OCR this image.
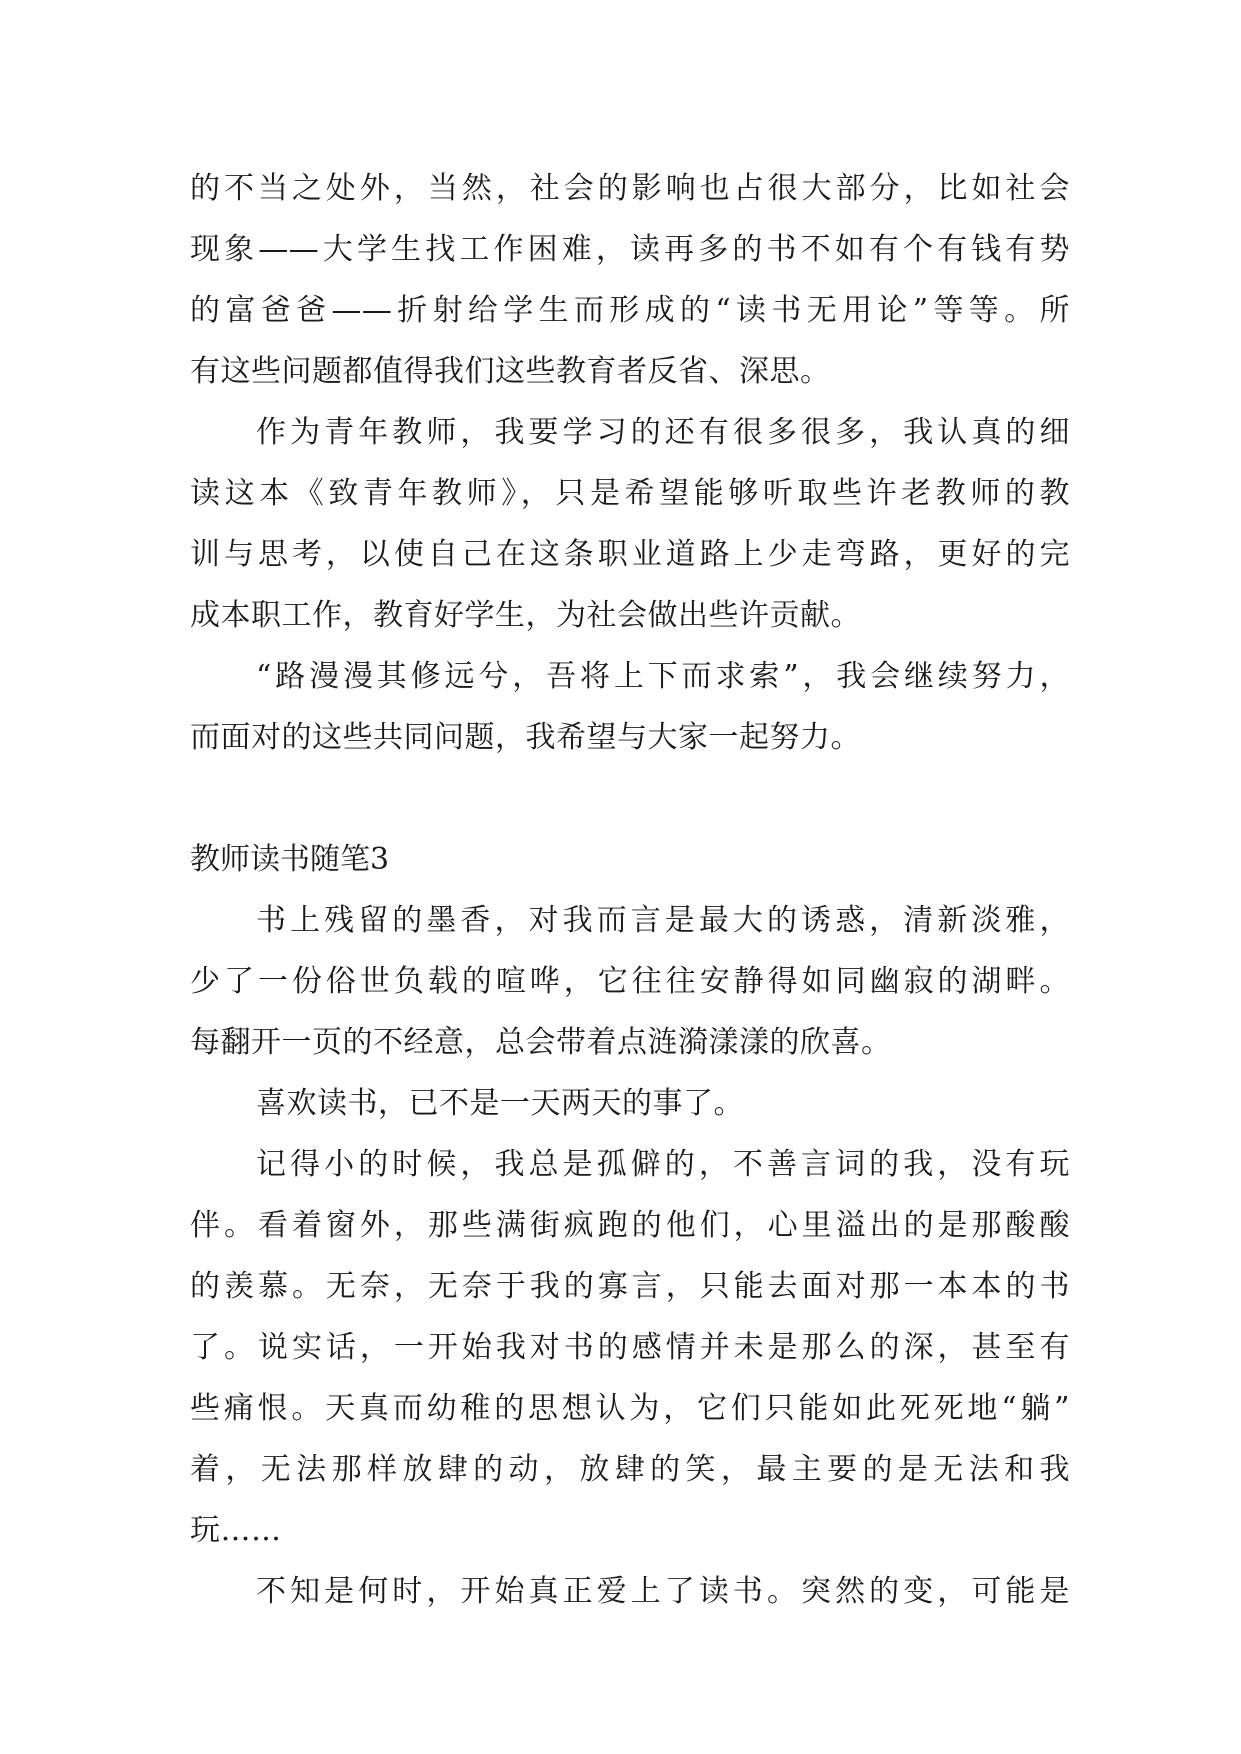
的不当之处外，当然，社会的影响也占很大部分，比如社会
现象——大学生找工作困难，读再多的书不如有个有钱有势
的富爸爸——折射给学生而形成的“读书无用论”等等。所
有这些问题都值得我们这些教育者反省、深思。
作为青年教师，我要学习的还有很多很多，我认真的细
读这本《致青年教师》，只是希望能够听取些许老教师的教
训与思考，以使自己在这条职业道路上少走弯路，更好的完
成本职工作，教育好学生，为社会做出些许贡献。
“路漫漫其修远兮，吾将上下而求索”，我会继续努力，
而面对的这些共同问题，我希望与大家一起努力。
教师读书随笔3
书上残留的墨香，对我而言是最大的诱惑，清新淡雅，
少了一份俗世负载的喧哗，它往往安静得如同幽寂的湖畔。
每翻开一页的不经意，总会带着点涟漪漾漾的欣喜。
喜欢读书，已不是一天两天的事了。
记得小的时候，我总是孤僻的，不善言词的我，没有玩
伴。看着窗外，那些满街疯跑的他们，心里溢出的是那酸酸
的羡慕。无奈，无奈于我的寡言，只能去面对那一本本的书
了。说实话，一开始我对书的感情并未是那么的深，甚至有
些痛恨。天真而幼稚的思想认为，它们只能如此死死地“躺”
着，无法那样放肆的动，放肆的笑，最主要的是无法和我
玩……
不知是何时，开始真正爱上了读书。突然的变，可能是
